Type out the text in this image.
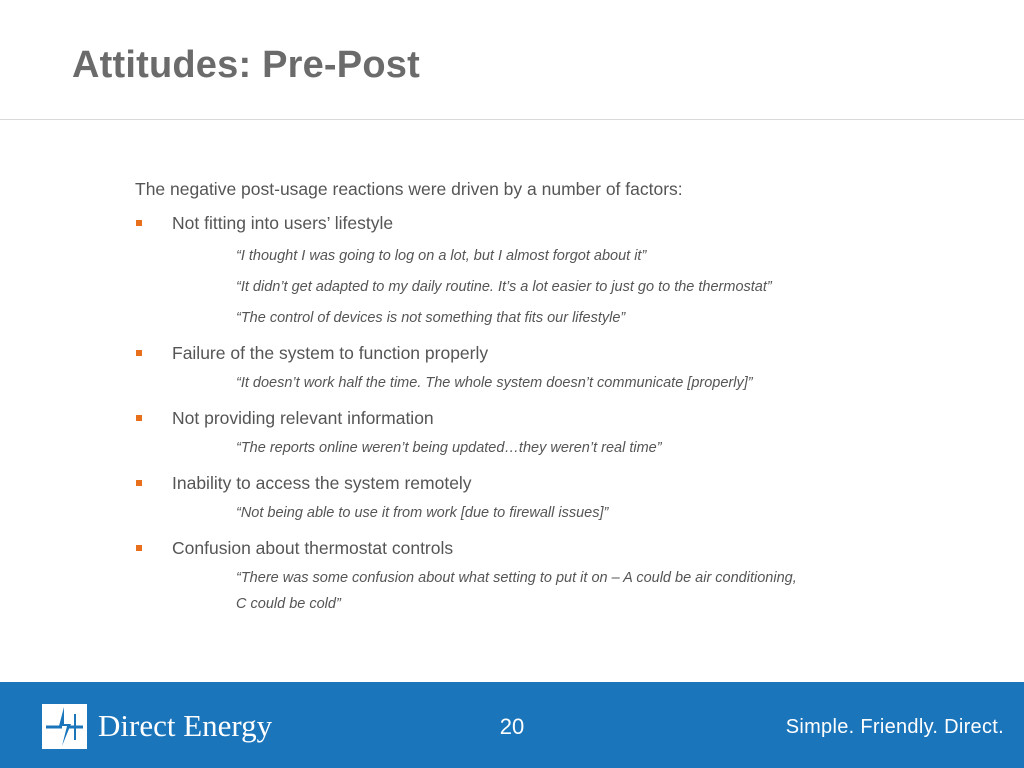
Attitudes: Pre-Post

The negative post-usage reactions were driven by a number of factors:

Not fitting into users’ lifestyle

“I thought I was going to log on a lot, but I almost forgot about it”

“It didn’t get adapted to my daily routine. It’s a lot easier to just go to the thermostat”

“The control of devices is not something that fits our lifestyle”

Failure of the system to function properly

“It doesn’t work half the time. The whole system doesn’t communicate [properly]”

Not providing relevant information

“The reports online weren’t being updated…they weren’t real time”

Inability to access the system remotely

“Not being able to use it from work [due to firewall issues]”

Confusion about thermostat controls

“There was some confusion about what setting to put it on – A could be air conditioning, C could be cold”

Direct Energy	20	Simple. Friendly. Direct.
